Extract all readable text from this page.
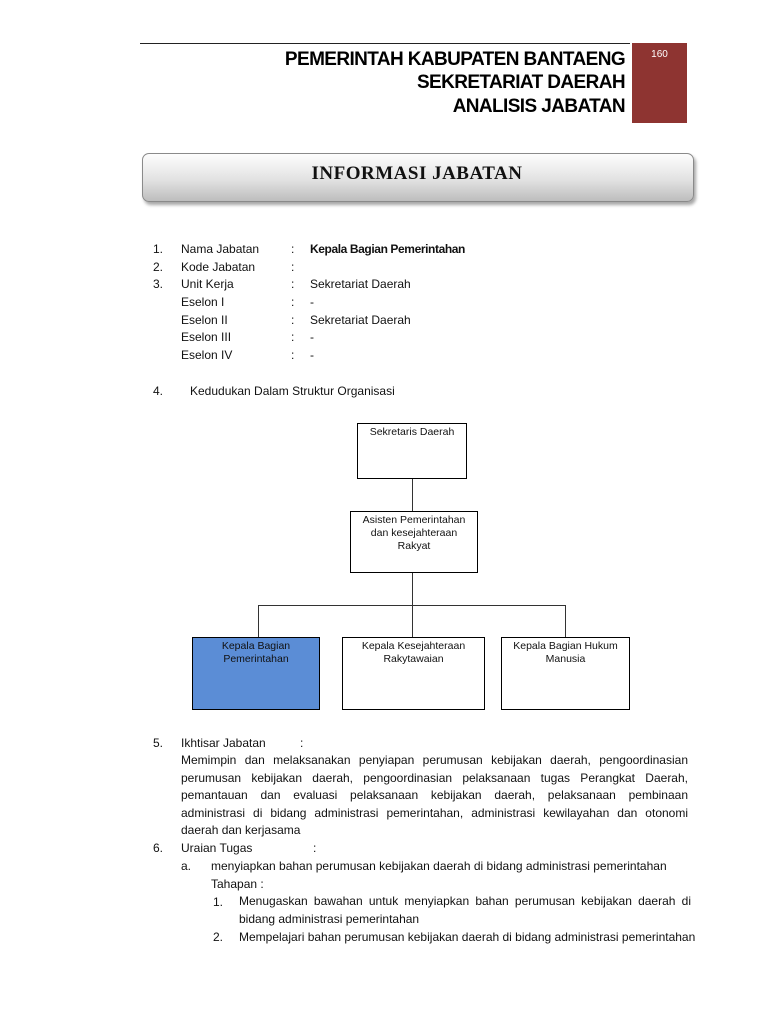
PEMERINTAH KABUPATEN BANTAENG
SEKRETARIAT DAERAH
ANALISIS JABATAN
160
INFORMASI JABATAN
1. Nama Jabatan	: Kepala Bagian Pemerintahan
2. Kode Jabatan	:
3. Unit Kerja	: Sekretariat Daerah
Eselon I	: -
Eselon II	: Sekretariat Daerah
Eselon III	: -
Eselon IV	: -
4. Kedudukan Dalam Struktur Organisasi
Sekretaris Daerah
Asisten Pemerintahan dan kesejahteraan Rakyat
Kepala Bagian Pemerintahan
Kepala Kesejahteraan Rakytawaian
Kepala Bagian Hukum Manusia
5. Ikhtisar Jabatan	:
Memimpin dan melaksanakan penyiapan perumusan kebijakan daerah, pengoordinasian perumusan kebijakan daerah, pengoordinasian pelaksanaan tugas Perangkat Daerah, pemantauan dan evaluasi pelaksanaan kebijakan daerah, pelaksanaan pembinaan administrasi di bidang administrasi pemerintahan, administrasi kewilayahan dan otonomi daerah dan kerjasama
6. Uraian Tugas	:
a. menyiapkan bahan perumusan kebijakan daerah di bidang administrasi pemerintahan
Tahapan :
1. Menugaskan bawahan untuk menyiapkan bahan perumusan kebijakan daerah di bidang administrasi pemerintahan
2. Mempelajari bahan perumusan kebijakan daerah di bidang administrasi pemerintahan
